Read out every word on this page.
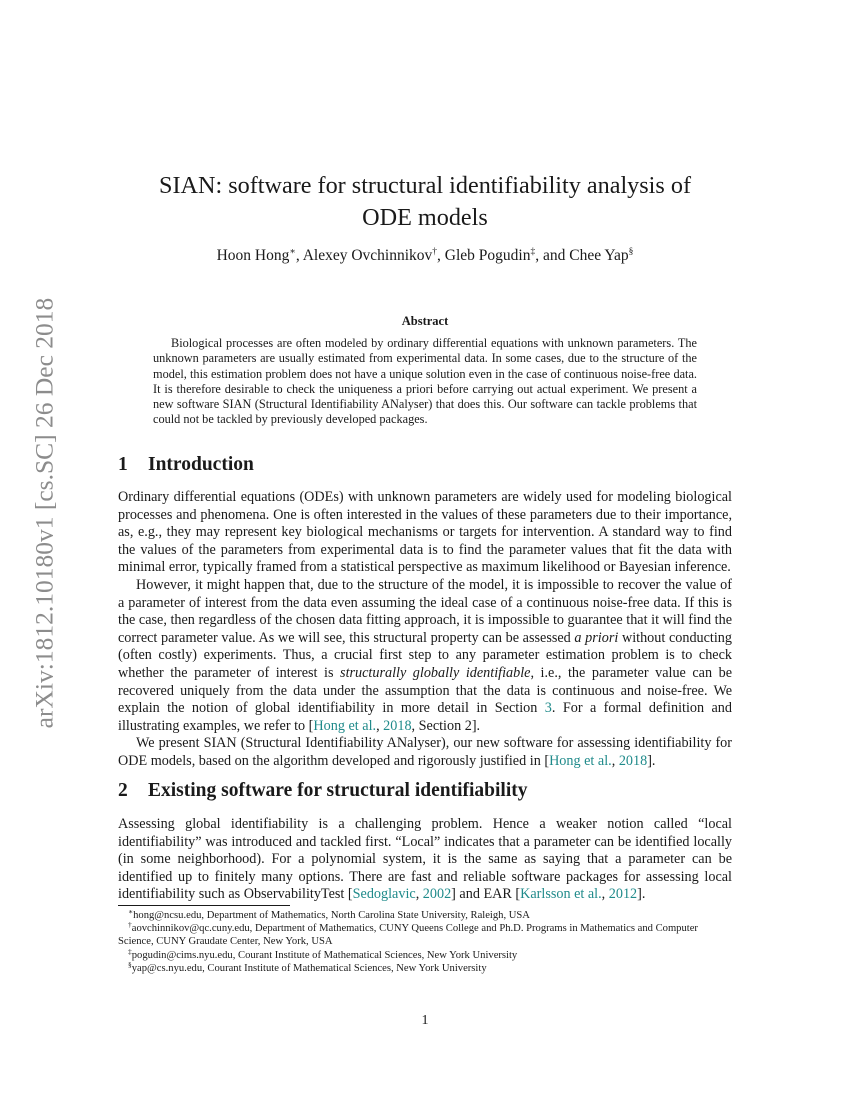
arXiv:1812.10180v1 [cs.SC] 26 Dec 2018
SIAN: software for structural identifiability analysis of
ODE models
Hoon Hong∗, Alexey Ovchinnikov†, Gleb Pogudin‡, and Chee Yap§
Abstract

Biological processes are often modeled by ordinary differential equations with unknown parameters. The unknown parameters are usually estimated from experimental data. In some cases, due to the structure of the model, this estimation problem does not have a unique solution even in the case of continuous noise-free data. It is therefore desirable to check the uniqueness a priori before carrying out actual experiment. We present a new software SIAN (Structural Identifiability ANalyser) that does this. Our software can tackle problems that could not be tackled by previously developed packages.

1 Introduction

Ordinary differential equations (ODEs) with unknown parameters are widely used for modeling biological processes and phenomena. One is often interested in the values of these parameters due to their importance, as, e.g., they may represent key biological mechanisms or targets for intervention. A standard way to find the values of the parameters from experimental data is to find the parameter values that fit the data with minimal error, typically framed from a statistical perspective as maximum likelihood or Bayesian inference.

However, it might happen that, due to the structure of the model, it is impossible to recover the value of a parameter of interest from the data even assuming the ideal case of a continuous noise-free data. If this is the case, then regardless of the chosen data fitting approach, it is impossible to guarantee that it will find the correct parameter value. As we will see, this structural property can be assessed a priori without conducting (often costly) experiments. Thus, a crucial first step to any parameter estimation problem is to check whether the parameter of interest is structurally globally identifiable, i.e., the parameter value can be recovered uniquely from the data under the assumption that the data is continuous and noise-free. We explain the notion of global identifiability in more detail in Section 3. For a formal definition and illustrating examples, we refer to [Hong et al., 2018, Section 2].

We present SIAN (Structural Identifiability ANalyser), our new software for assessing identifiability for ODE models, based on the algorithm developed and rigorously justified in [Hong et al., 2018].

2 Existing software for structural identifiability

Assessing global identifiability is a challenging problem. Hence a weaker notion called “local identifiability” was introduced and tackled first. “Local” indicates that a parameter can be identified locally (in some neighborhood). For a polynomial system, it is the same as saying that a parameter can be identified up to finitely many options. There are fast and reliable software packages for assessing local identifiability such as ObservabilityTest [Sedoglavic, 2002] and EAR [Karlsson et al., 2012].

∗hong@ncsu.edu, Department of Mathematics, North Carolina State University, Raleigh, USA

†aovchinnikov@qc.cuny.edu, Department of Mathematics, CUNY Queens College and Ph.D. Programs in Mathematics and Computer Science, CUNY Graudate Center, New York, USA

‡pogudin@cims.nyu.edu, Courant Institute of Mathematical Sciences, New York University

§yap@cs.nyu.edu, Courant Institute of Mathematical Sciences, New York University

1
